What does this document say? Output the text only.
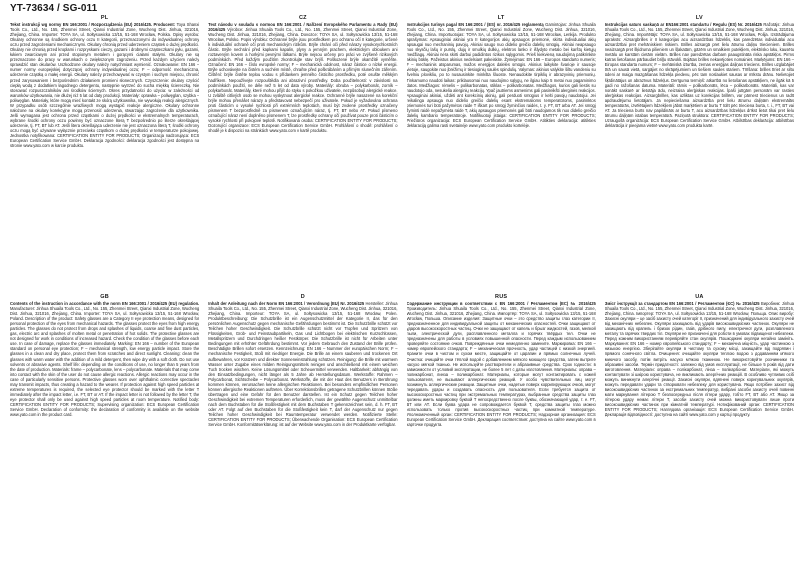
YT-73634 / SG-011
PL

Tekst instrukcji wg normy EN 166:2001 / Rozporządzenia (EU) 2016/425. Producent: Toya Shanxi Tools Co., Ltd., No. 155, Zhenmei Street, Qianxi Industrial Zone, Wucheng Dist. Jinhua, 321016, Zhejiang, China. Importer: TOYA SA, ul. Sołtysowicka 13/15, 51-168 Wrocław, Polska. Opisy wyrobu: Okulary ochronne są środkiem ochrony oczu II kategorii, przeznaczonymi do indywidualnej ochrony oczu przed zagrożeniami mechanicznymi. Okulary chronią przed uderzeniem cząstek o dużej prędkości. Okulary nie chronią przed kroplami i rozpryskami cieczy, gazami i drobnymi cząsteczkami pyłu, gazami, łukiem zwarciowym ani przed stopionym metalem i gorącymi ciałami stałymi. Okulary nie są przeznaczone do pracy w warunkach o zwiększonym zagrożeniu. Przed każdym użyciem należy sprawdzić stan okularów. Uszkodzone okulary należy natychmiast wymienić. Oznakowanie: EN 166 – numer normy europejskiej dotyczącej ochrony indywidualnej oczu; F – odporność mechaniczna, uderzenie cząstką o małej energii. Okulary należy przechowywać w czystym i suchym miejscu, chronić przed zarysowaniem i bezpośrednim działaniem promieni słonecznych. Czyszczenie: okulary czyścić ciepłą wodą z dodatkiem łagodnego detergentu, następnie wytrzeć do sucha miękką ściereczką. Nie stosować rozpuszczalników ani środków ściernych. Okres przydatności do użycia: w zależności od warunków użytkowania, nie dłużej niż 5 lat od daty produkcji. Materiały: oprawka – poliwęglan, szybka – poliwęglan. Materiały, które mogą mieć kontakt ze skórą użytkownika, nie wywołują reakcji alergicznych. W przypadku osób szczególnie wrażliwych mogą wystąpić reakcje alergiczne. Okulary ochronne nałożone na okulary korekcyjne mogą przenosić uderzenia, stwarzając zagrożenie dla użytkownika. Jeśli wymagana jest ochrona przed cząstkami o dużej prędkości w ekstremalnych temperaturach, wybrane środki ochrony oczu powinny być oznaczone literą T bezpośrednio po literze określającej uderzenie, tj. FT, BT lub AT. Jeśli litera określająca uderzenie nie jest oznaczona literą T, środki ochrony oczu mogą być używane wyłącznie przeciwko cząstkom o dużej prędkości w temperaturze pokojowej. Jednostka notyfikowana: CERTIFICATION ENTITY FOR PRODUCTS; Organizacja nadzorująca: ECS European Certification Service GmbH. Deklaracja zgodności: deklaracja zgodności jest dostępna na stronie www.yato.com w karcie produktu.

CZ

Text návodu v souladu s normou EN 166:2001 / Nařízení Evropského Parlamentu a Rady (EU) 2016/425 Výrobce: Jinhua Shuaila Tools Co., Ltd., No. 155, Zhenmei Street, Qianxi Industrial Zone, Wucheng Dist. Jinhua, 321016, Zhejiang, China. Dovozce: TOYA SA, ul. Sołtysowicka 13/15, 51-168 Wrocław, Polsko. Popis výrobku: Ochranné brýle jsou prostředkem pro ochranu očí II kategorie, určené k individuální ochraně očí proti mechanickým rizikům. Brýle chrání oči před nárazy vysokorychlostních částic. Brýle nechrání před kapkami kapalin, plyny a jemným prachem, elektrickým obloukem ani roztaveným kovem a horkými pevnými látkami. Brýle nejsou určeny pro práci ve zvýšeně rizikových podmínkách. Před každým použitím zkontrolujte stav brýlí. Poškozené brýle okamžitě vyměňte. Označení: EN 166 – číslo evropské normy; F – mechanická odolnost, náraz částice o nízké energii. Brýle uchovávejte na čistém a suchém místě, chraňte před poškrábáním a přímým slunečním zářením. Čištění: brýle čistěte teplou vodou s přídavkem jemného čisticího prostředku, poté osušte měkkým hadříkem. Nepoužívejte rozpouštědla ani abrazivní prostředky. Doba použitelnosti: v závislosti na podmínkách použití, ne déle než 5 let od data výroby. Materiály: obruba – polykarbonát, zorník – polykarbonát. Materiály, které mohou přijít do styku s pokožkou uživatele, nezpůsobují alergické reakce. U zvláště citlivých osob se mohou vyskytnout alergické reakce. Ochranné brýle nasazené na korekční brýle mohou přenášet nárazy a představovat nebezpečí pro uživatele. Pokud je vyžadována ochrana proti částicím o vysoké rychlosti při extrémních teplotách, musí být zvolené prostředky označeny písmenem T bezprostředně za písmenem označujícím náraz, tj. FT, BT nebo AT. Pokud písmeno označující náraz není doplněno písmenem T, lze prostředky ochrany očí používat pouze proti částicím o vysoké rychlosti při pokojové teplotě. Notifikovaná osoba: CERTIFICATION ENTITY FOR PRODUCTS; Dozorující organizace: ECS European Certification Service GmbH. Prohlášení o shodě: prohlášení o shodě je k dispozici na stránkách www.yato.com v kartě produktu.

LT

Instrukcijos turinys pagal EN 166:2001 / (ES) nr. 2016/425 reglamentą Gamintojas: Jinhua Shuaila Tools Co., Ltd., No. 155, Zhenmei Street, Qianxi Industrial Zone, Wucheng Dist. Jinhua, 321016, Zhejiang, China. Importuotojas: TOYA SA, ul. Sołtysowicka 13/15, 51-168 Wrocław, Lenkija. Produkto aprašymas: Apsauginiai akiniai yra II kategorijos akių apsaugos priemonė, skirta individualiai akių apsaugai nuo mechaninių pavojų. Akiniai saugo nuo didelio greičio dalelių smūgių. Akiniai neapsaugo nuo skysčių lašų ir purslų, dujų ir smulkių dulkių, elektros lanko ir išlydyto metalo bei karštų kietųjų medžiagų. Akiniai nėra skirti darbui padidintos rizikos sąlygomis. Prieš kiekvieną naudojimą patikrinkite akinių būklę. Pažeistus akinius nedelsiant pakeiskite. Žymėjimas: EN 166 – Europos standarto numeris; F – mechaninis atsparumas, mažos energijos dalelės smūgis. Akinius laikykite švarioje ir sausoje vietoje, saugokite nuo įbrėžimų ir tiesioginių saulės spindulių. Valymas: akinius valykite šiltu vandeniu su švelniu plovikliu, po to nusausinkite minkšta šluoste. Nenaudokite tirpiklių ir abrazyvinių priemonių. Tinkamumo naudoti laikas: priklausomai nuo naudojimo sąlygų, ne ilgiau kaip 5 metai nuo pagaminimo datos. Medžiagos: rėmelis – polikarbonatas, stiklas – polikarbonatas. Medžiagos, kurios gali liestis su naudotojo oda, nesukelia alerginių reakcijų. Ypač jautriems asmenims gali pasireikšti alerginės reakcijos. Apsauginiai akiniai, uždėti ant korekcinių akinių, gali perduoti smūgius ir kelti pavojų naudotojui. Jei reikalinga apsauga nuo didelio greičio dalelių esant ekstremalioms temperatūroms, pasirinktos priemonės turi būti pažymėtos raide T iškart po smūgį žyminčios raidės, t. y. FT, BT arba AT. Jei smūgį žyminti raidė nepažymėta raide T, akių apsaugos priemonės gali būti naudojamos tik nuo didelio greičio dalelių kambario temperatūroje. Notifikuotoji įstaiga: CERTIFICATION ENTITY FOR PRODUCTS; Priežiūros organizacija: ECS European Certification Service GmbH. Atitikties deklaracija: atitikties deklaraciją galima rasti svetainėje www.yato.com produkto kortelėje.

LV

Instrukcijas saturs saskaņā ar EN166:2001 standartu / Regulu (ES) Nr. 2016/425 Ražotājs: Jinhua Shuaila Tools Co., Ltd., No. 155, Zhenmei Street, Qianxi Industrial Zone, Wucheng Dist. Jinhua, 321016, Zhejiang, China. Importētājs: TOYA SA, ul. Sołtysowicka 13/15, 51-168 Wrocław, Polija. Izstrādājuma apraksts: Aizsargbrilles ir II kategorijas acu aizsardzības līdzeklis, kas paredzētas individuālai acu aizsardzībai pret mehāniskiem riskiem. Brilles aizsargā pret lielu ātrumu daļiņu triecieniem. Brilles neaizsargā pret šķidruma pilieniem un šļakatām, gāzēm un smalkiem putekļiem, elektrisko loku, kausētu metālu un karstām cietām vielām. Brilles nav paredzētas darbam paaugstināta riska apstākļos. Pirms katras lietošanas pārbaudiet briļļu stāvokli. Bojātas brilles nekavējoties nomainiet. Marķējums: EN 166 – Eiropas standarta numurs; F – mehāniskā izturība, zemas enerģijas daļiņas trieciens. Brilles uzglabājiet tīrā un sausā vietā, sargājiet no skrāpējumiem un tiešiem saules stariem. Tīrīšana: brilles tīriet ar siltu ūdeni ar maiga mazgāšanas līdzekļa piedevu, pēc tam noslaukiet sausas ar mīkstu drānu. Nelietojiet šķīdinātājus un abrazīvus līdzekļus. Derīguma termiņš: atkarībā no lietošanas apstākļiem, ne ilgāk kā 5 gadi no ražošanas datuma. Materiāli: rāmis – polikarbonāts, lēca – polikarbonāts. Materiāli, kas var nonākt saskarē ar lietotāja ādu, neizraisa alerģiskas reakcijas. Īpaši jutīgām personām var rasties alerģiskas reakcijas. Aizsargbrilles, kas uzliktas uz korekcijas brillēm, var pārnest triecienus un radīt apdraudējumu lietotājam. Ja nepieciešama aizsardzība pret lielu ātrumu daļiņām ekstremālās temperatūrās, izvēlētajiem līdzekļiem jābūt marķētiem ar burtu T tūlīt pēc trieciena burta, t. i., FT, BT vai AT. Ja trieciena burts nav papildināts ar burtu T, acu aizsardzības līdzekļus drīkst lietot tikai pret lielu ātrumu daļiņām istabas temperatūrā. Paziņotā struktūra: CERTIFICATION ENTITY FOR PRODUCTS; Uzraugošā organizācija: ECS European Certification Service GmbH. Atbilstības deklarācija: atbilstības deklarācija ir pieejama vietnē www.yato.com produkta kartē.

GB

Contents of the instruction in accordance with the norm EN 166:2001 / 2016/425 (EU) regulation. Manufacturer: Jinhua Shuaila Tools Co., Ltd., No. 155, Zhenmei Street, Qianxi Industrial Zone, Wucheng Dist. Jinhua, 321016, Zhejiang, China. Importer: TOYA SA, ul. Sołtysowicka 13/15, 51-168 Wrocław, Poland. Description of the product: Safety glasses are a Category II eye protection means, designed for personal protection of the eyes from mechanical hazards. The glasses protect the eyes from high energy particles. The glasses do not protect from drops and splashes of liquids, coarse and fine dust particles, gas, electric arc and splashes of molten metal or penetration of hot solids. The protective glasses are not designed for work in conditions of increased hazard. Check the condition of the glasses before each use. In case of damage, replace the glasses immediately. Marking: EN 166 – number of the European standard on personal eye protection; F – mechanical strength, low energy particle impact. Store the glasses in a clean and dry place, protect them from scratches and direct sunlight. Cleaning: clean the glasses with warm water with the addition of a mild detergent, then wipe dry with a soft cloth. Do not use solvents or abrasive agents. Shelf life: depending on the conditions of use, no longer than 5 years from the date of production. Materials: frame – polycarbonate, lens – polycarbonate. Materials that may come into contact with the skin of the user do not cause allergic reactions. Allergic reactions may occur in the case of particularly sensitive persons. Protective glasses worn over ophthalmic corrective spectacles may transmit impacts, thus creating a hazard to the wearer. If protection against high speed particles at extreme temperatures is required, the selected eye protector should be marked with the letter T immediately after the impact letter, i.e. FT, BT or AT. If the impact letter is not followed by the letter T, the eye protector shall only be used against high speed particles at room temperature. Notified body: CERTIFICATION ENTITY FOR PRODUCTS; Supervising organization: ECS European Certification Service GmbH. Declaration of conformity: the declaration of conformity is available on the website www.yato.com in the product card.

D

Inhalt der Anleitung nach der Norm EN 166:2001 / Verordnung (EU) Nr. 2016/425 Hersteller: Jinhua Shuaila Tools Co., Ltd., No. 155, Zhenmei Street, Qianxi Industrial Zone, Wucheng Dist. Jinhua, 321016, Zhejiang, China. Importeur: TOYA SA, ul. Sołtysowicka 13/15, 51-168 Wrocław, Polen. Produktbeschreibung: Die Schutzbrille ist ein Augenschutzmittel der Kategorie II, das für den persönlichen Augenschutz gegen mechanische Gefährdungen bestimmt ist. Die Schutzbrille schützt vor Teilchen hoher Geschwindigkeit. Die Schutzbrille schützt nicht vor Tropfen und Spritzern von Flüssigkeiten, Grob- und Feinstaubpartikeln, Gas und Lichtbogen bei elektrischen Kurzschlüssen, Metallspritzern und Durchdringen heißer Festkörper. Die Schutzbrille ist nicht für Arbeiten unter Bedingungen mit erhöhter Gefährdung bestimmt. Vor jedem Gebrauch den Zustand der Brille prüfen. Beschädigte Brillen sofort ersetzen. Kennzeichnung: EN 166 – Nummer der europäischen Norm; F – mechanische Festigkeit, Stoß mit niedriger Energie. Die Brille an einem sauberen und trockenen Ort aufbewahren, vor Kratzern und direkter Sonneneinstrahlung schützen. Reinigung: die Brille mit warmem Wasser unter Zugabe eines milden Reinigungsmittels reinigen und anschließend mit einem weichen Tuch trocken wischen. Keine Lösungsmittel oder Scheuermittel verwenden. Haltbarkeit: abhängig von den Einsatzbedingungen, nicht länger als 5 Jahre ab Herstellungsdatum. Werkstoffe: Rahmen – Polycarbonat, Sichtscheibe – Polycarbonat. Werkstoffe, die mit der Haut des Benutzers in Berührung kommen können, verursachen keine allergischen Reaktionen. Bei besonders empfindlichen Personen können allergische Reaktionen auftreten. Über Korrektionsbrillen getragene Schutzbrillen können Stöße übertragen und eine Gefahr für den Benutzer darstellen. Ist ein Schutz gegen Teilchen hoher Geschwindigkeit bei extremen Temperaturen erforderlich, muss der gewählte Augenschutz unmittelbar nach dem Buchstaben für die Stoßfestigkeit mit dem Buchstaben T gekennzeichnet sein, d. h. FT, BT oder AT. Folgt auf den Buchstaben für die Stoßfestigkeit kein T, darf der Augenschutz nur gegen Teilchen hoher Geschwindigkeit bei Raumtemperatur verwendet werden. Notifizierte Stelle: CERTIFICATION ENTITY FOR PRODUCTS; Überwachende Organisation: ECS European Certification Service GmbH. Konformitätserklärung: ist auf der Website www.yato.com in der Produktkarte verfügbar.

RUS

Содержание инструкции в соответствии с EN 166:2001 / Регламентом (ЕС) № 2016/425 Производитель: Jinhua Shuaila Tools Co., Ltd., No. 155, Zhenmei Street, Qianxi Industrial Zone, Wucheng Dist. Jinhua, 321016, Zhejiang, China. Импортёр: TOYA SA, ul. Sołtysowicka 13/15, 51-168 Wrocław, Польша. Описание изделия: Защитные очки – это средство защиты глаз категории II, предназначенное для индивидуальной защиты от механических опасностей. Очки защищают от ударов высокоскоростных частиц. Очки не защищают от капель и брызг жидкостей, газов, мелкой пыли, электрической дуги, расплавленного металла и горячих твёрдых тел. Очки не предназначены для работы в условиях повышенной опасности. Перед каждым использованием проверяйте состояние очков. Повреждённые очки немедленно замените. Маркировка: EN 166 – номер европейского стандарта; F – механическая прочность, удар частицей с низкой энергией. Храните очки в чистом и сухом месте, защищайте от царапин и прямых солнечных лучей. Очистка: очищайте очки тёплой водой с добавлением мягкого моющего средства, затем вытрите насухо мягкой тканью. Не используйте растворители и абразивные средства. Срок годности: в зависимости от условий эксплуатации, не более 5 лет с даты изготовления. Материалы: оправа – поликарбонат, линза – поликарбонат. Материалы, которые могут контактировать с кожей пользователя, не вызывают аллергических реакций. У особо чувствительных лиц могут возникнуть аллергические реакции. Защитные очки, надетые поверх корригирующих очков, могут передавать удары и создавать опасность для пользователя. Если требуется защита от высокоскоростных частиц при экстремальных температурах, выбранные средства защиты глаз должны иметь маркировку буквой T непосредственно после буквы, обозначающей удар, т. е. FT, BT или AT. Если буква удара не сопровождается буквой T, средства защиты глаз можно использовать только против высокоскоростных частиц при комнатной температуре. Уполномоченный орган: CERTIFICATION ENTITY FOR PRODUCTS; Надзорная организация: ECS European Certification Service GmbH. Декларация соответствия: доступна на сайте www.yato.com в карточке продукта.

UA

Зміст інструкції за стандартом EN 166:2001 / Регламентом (ЄС) № 2016/425 Виробник: Jinhua Shuaila Tools Co., Ltd., No. 155, Zhenmei Street, Qianxi Industrial Zone, Wucheng Dist. Jinhua, 321016, Zhejiang, China. Імпортер: TOYA SA, ul. Sołtysowicka 13/15, 51-168 Wrocław, Польща. Опис виробу: Захисні окуляри – це засіб захисту очей категорії II, призначений для індивідуального захисту очей від механічних небезпек. Окуляри захищають від ударів високошвидкісних частинок. Окуляри не захищають від крапель і бризок рідин, газів, дрібного пилу, електричної дуги, розплавленого металу та гарячих твердих тіл. Окуляри не призначені для роботи в умовах підвищеної небезпеки. Перед кожним використанням перевіряйте стан окулярів. Пошкоджені окуляри негайно замініть. Маркування: EN 166 – номер європейського стандарту; F – механічна міцність, удар частинкою з низькою енергією. Зберігайте окуляри в чистому та сухому місці, захищайте від подряпин і прямого сонячного світла. Очищення: очищайте окуляри теплою водою з додаванням м'якого миючого засобу, потім витріть насухо м'якою тканиною. Не використовуйте розчинники та абразивні засоби. Термін придатності: залежно від умов експлуатації, не більше 5 років від дати виготовлення. Матеріали: оправа – полікарбонат, лінза – полікарбонат. Матеріали, які можуть контактувати зі шкірою користувача, не викликають алергічних реакцій. В особливо чутливих осіб можуть виникнути алергічні реакції. Захисні окуляри, вдягнені поверх коригувальних окулярів, можуть передавати удари та створювати небезпеку для користувача. Якщо потрібен захист від високошвидкісних частинок за екстремальних температур, вибрані засоби захисту очей повинні мати маркування літерою T безпосередньо після літери удару, тобто FT, BT або AT. Якщо за літерою удару немає літери T, засоби захисту очей можна використовувати лише проти високошвидкісних частинок при кімнатній температурі. Нотифікований орган: CERTIFICATION ENTITY FOR PRODUCTS; Наглядова організація: ECS European Certification Service GmbH. Декларація відповідності: доступна на сайті www.yato.com у картці продукту.
